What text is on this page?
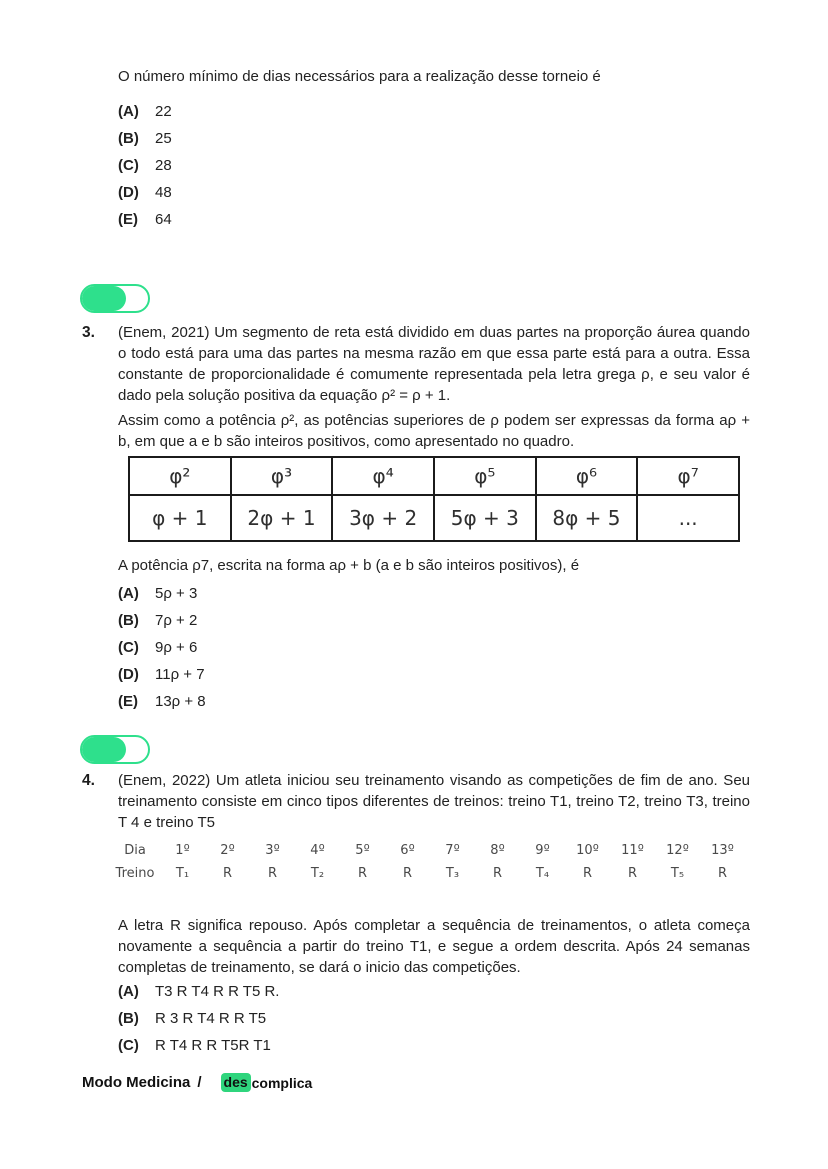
O número mínimo de dias necessários para a realização desse torneio é

(A)	22
(B)	25
(C)	28
(D)	48
(E)	64
3.	(Enem, 2021) Um segmento de reta está dividido em duas partes na proporção áurea quando o todo está para uma das partes na mesma razão em que essa parte está para a outra. Essa constante de proporcionalidade é comumente representada pela letra grega ρ, e seu valor é dado pela solução positiva da equação ρ² = ρ + 1.

Assim como a potência ρ², as potências superiores de ρ podem ser expressas da forma aρ + b, em que a e b são inteiros positivos, como apresentado no quadro.

φ²	φ³	φ⁴	φ⁵	φ⁶	φ⁷
φ + 1	2φ + 1	3φ + 2	5φ + 3	8φ + 5	...

A potência ρ7, escrita na forma aρ + b (a e b são inteiros positivos), é

(A)	5ρ + 3
(B)	7ρ + 2
(C)	9ρ + 6
(D)	11ρ + 7
(E)	13ρ + 8
4.	(Enem, 2022) Um atleta iniciou seu treinamento visando as competições de fim de ano. Seu treinamento consiste em cinco tipos diferentes de treinos: treino T1, treino T2, treino T3, treino T 4 e treino T5

Dia	1º	2º	3º	4º	5º	6º	7º	8º	9º	10º	11º	12º	13º
Treino	T₁	R	R	T₂	R	R	T₃	R	T₄	R	R	T₅	R

A letra R significa repouso. Após completar a sequência de treinamentos, o atleta começa novamente a sequência a partir do treino T1, e segue a ordem descrita. Após 24 semanas completas de treinamento, se dará o inicio das competições.

(A)	T3 R T4 R R T5 R.
(B)	R 3 R T4 R R T5
(C)	R T4 R R T5R T1
Modo Medicina / des complica
